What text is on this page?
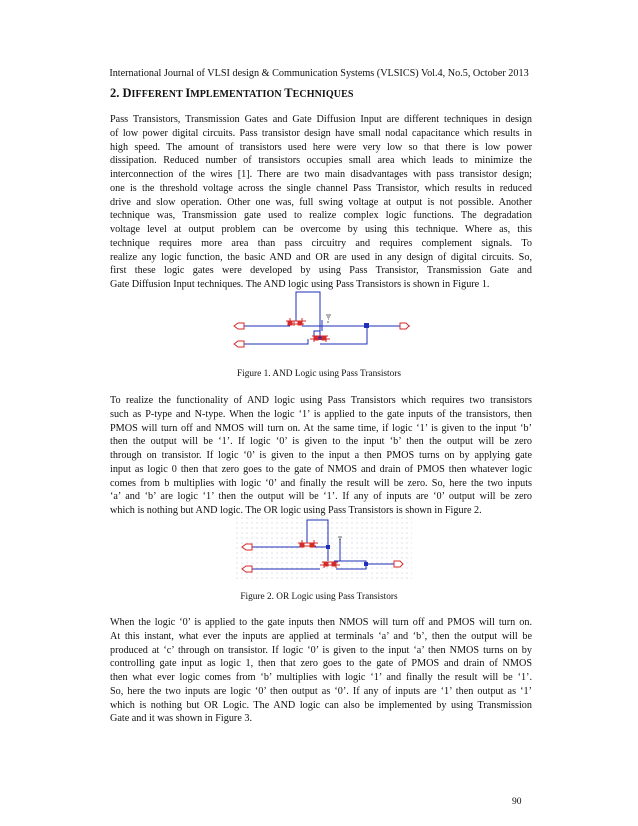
International Journal of VLSI design & Communication Systems (VLSICS) Vol.4, No.5, October 2013
2. DIFFERENT IMPLEMENTATION TECHNIQUES
Pass Transistors, Transmission Gates and Gate Diffusion Input are different techniques in design
of low power digital circuits. Pass transistor design have small nodal capacitance which results in
high speed. The amount of transistors used here were very low so that there is low power
dissipation. Reduced number of transistors occupies small area which leads to minimize the
interconnection of the wires [1]. There are two main disadvantages with pass transistor design;
one is the threshold voltage across the single channel Pass Transistor, which results in reduced
drive and slow operation. Other one was, full swing voltage at output is not possible. Another
technique was, Transmission gate used to realize complex logic functions. The degradation
voltage level at output problem can be overcome by using this technique. Where as, this
technique requires more area than pass circuitry and requires complement signals. To
realize any logic function, the basic AND and OR are used in any design of digital circuits. So,
first these logic gates were developed by using Pass Transistor, Transmission Gate and
Gate Diffusion Input techniques. The AND logic using Pass Transistors is shown in Figure 1.
Figure 1. AND Logic using Pass Transistors
To realize the functionality of AND logic using Pass Transistors which requires two transistors
such as P-type and N-type. When the logic ‘1’ is applied to the gate inputs of the transistors, then
PMOS will turn off and NMOS will turn on. At the same time, if logic ‘1’ is given to the input ‘b’
then the output will be ‘1’. If logic ‘0’ is given to the input ‘b’ then the output will be zero
through on transistor. If logic ‘0’ is given to the input a then PMOS turns on by applying gate
input as logic 0 then that zero goes to the gate of NMOS and drain of PMOS then whatever logic
comes from b multiplies with logic ‘0’ and finally the result will be zero. So, here the two inputs
‘a’ and ‘b’ are logic ‘1’ then the output will be ‘1’. If any of inputs are ‘0’ output will be zero
which is nothing but AND logic. The OR logic using Pass Transistors is shown in Figure 2.
Figure 2. OR Logic using Pass Transistors
When the logic ‘0’ is applied to the gate inputs then NMOS will turn off and PMOS will turn on.
At this instant, what ever the inputs are applied at terminals ‘a’ and ‘b’, then the output will be
produced at ‘c’ through on transistor. If logic ‘0’ is given to the input ‘a’ then NMOS turns on by
controlling gate input as logic 1, then that zero goes to the gate of PMOS and drain of NMOS
then what ever logic comes from ‘b’ multiplies with logic ‘1’ and finally the result will be ‘1’.
So, here the two inputs are logic ‘0’ then output as ‘0’. If any of inputs are ‘1’ then output as ‘1’
which is nothing but OR Logic. The AND logic can also be implemented by using Transmission
Gate and it was shown in Figure 3.
90
